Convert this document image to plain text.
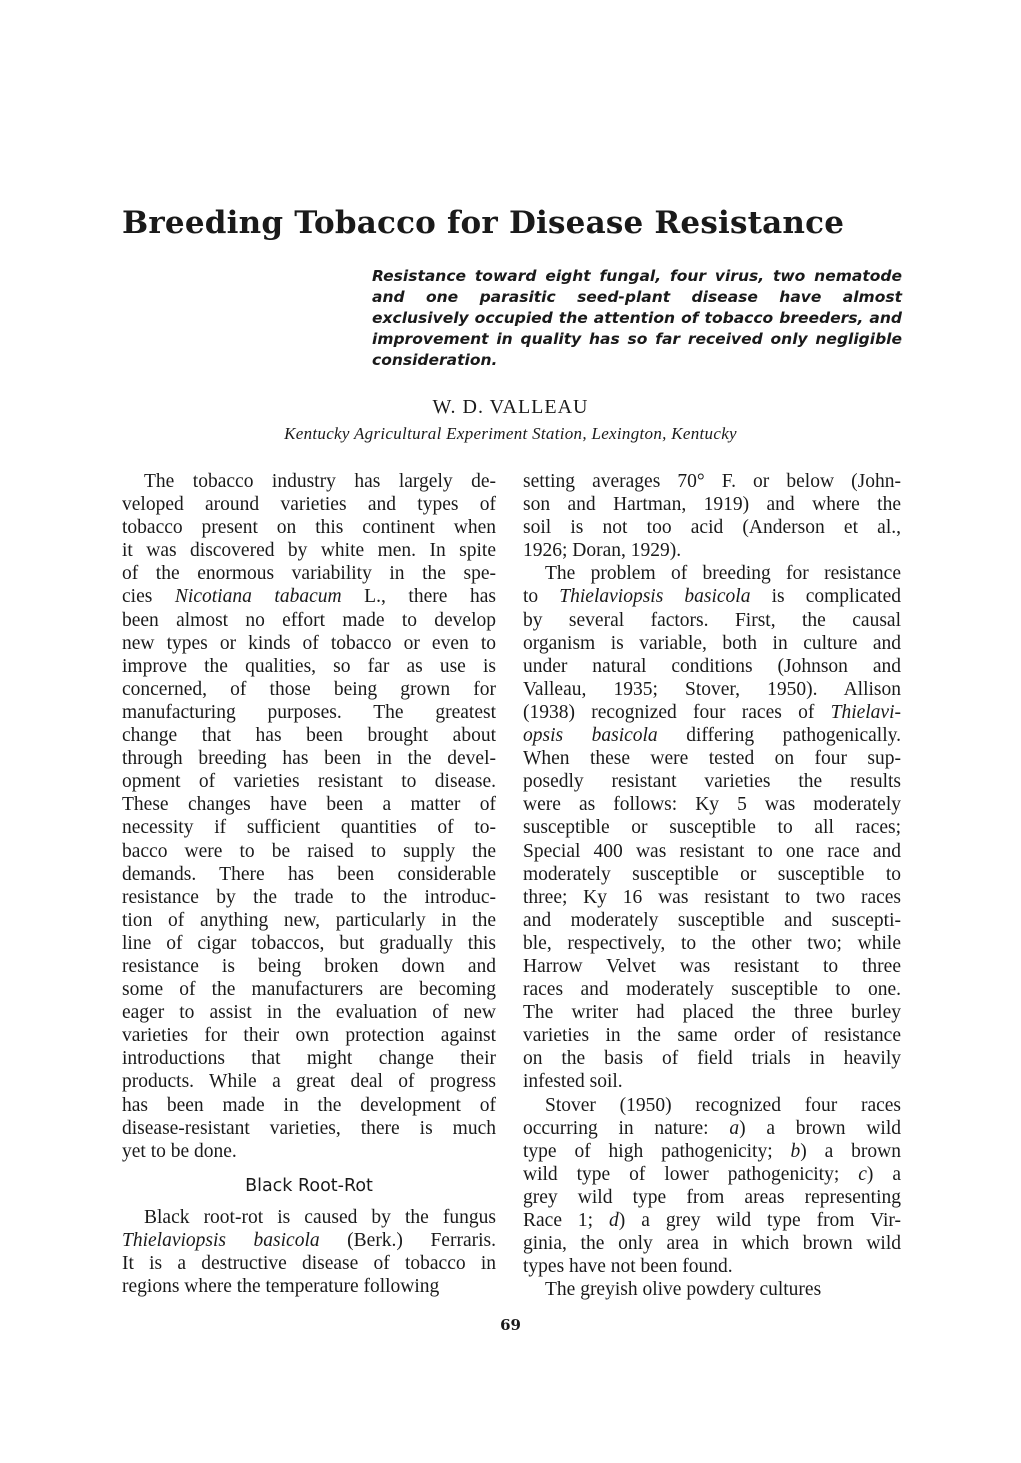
Breeding Tobacco for Disease Resistance

Resistance toward eight fungal, four virus, two nematode and one parasitic seed-plant disease have almost exclusively occupied the attention of tobacco breeders, and improvement in quality has so far received only negligible consideration.

W. D. VALLEAU

Kentucky Agricultural Experiment Station, Lexington, Kentucky

The tobacco industry has largely de-
veloped around varieties and types of
tobacco present on this continent when
it was discovered by white men. In spite
of the enormous variability in the spe-
cies Nicotiana tabacum L., there has
been almost no effort made to develop
new types or kinds of tobacco or even to
improve the qualities, so far as use is
concerned, of those being grown for
manufacturing purposes. The greatest
change that has been brought about
through breeding has been in the devel-
opment of varieties resistant to disease.
These changes have been a matter of
necessity if sufficient quantities of to-
bacco were to be raised to supply the
demands. There has been considerable
resistance by the trade to the introduc-
tion of anything new, particularly in the
line of cigar tobaccos, but gradually this
resistance is being broken down and
some of the manufacturers are becoming
eager to assist in the evaluation of new
varieties for their own protection against
introductions that might change their
products. While a great deal of progress
has been made in the development of
disease-resistant varieties, there is much
yet to be done.

Black Root-Rot

Black root-rot is caused by the fungus
Thielaviopsis basicola (Berk.) Ferraris.
It is a destructive disease of tobacco in
regions where the temperature following

setting averages 70° F. or below (John-
son and Hartman, 1919) and where the
soil is not too acid (Anderson et al.,
1926; Doran, 1929).

The problem of breeding for resistance
to Thielaviopsis basicola is complicated
by several factors. First, the causal
organism is variable, both in culture and
under natural conditions (Johnson and
Valleau, 1935; Stover, 1950). Allison
(1938) recognized four races of Thielavi-
opsis basicola differing pathogenically.
When these were tested on four sup-
posedly resistant varieties the results
were as follows: Ky 5 was moderately
susceptible or susceptible to all races;
Special 400 was resistant to one race and
moderately susceptible or susceptible to
three; Ky 16 was resistant to two races
and moderately susceptible and suscepti-
ble, respectively, to the other two; while
Harrow Velvet was resistant to three
races and moderately susceptible to one.
The writer had placed the three burley
varieties in the same order of resistance
on the basis of field trials in heavily
infested soil.

Stover (1950) recognized four races
occurring in nature: a) a brown wild
type of high pathogenicity; b) a brown
wild type of lower pathogenicity; c) a
grey wild type from areas representing
Race 1; d) a grey wild type from Vir-
ginia, the only area in which brown wild
types have not been found.

The greyish olive powdery cultures

69
